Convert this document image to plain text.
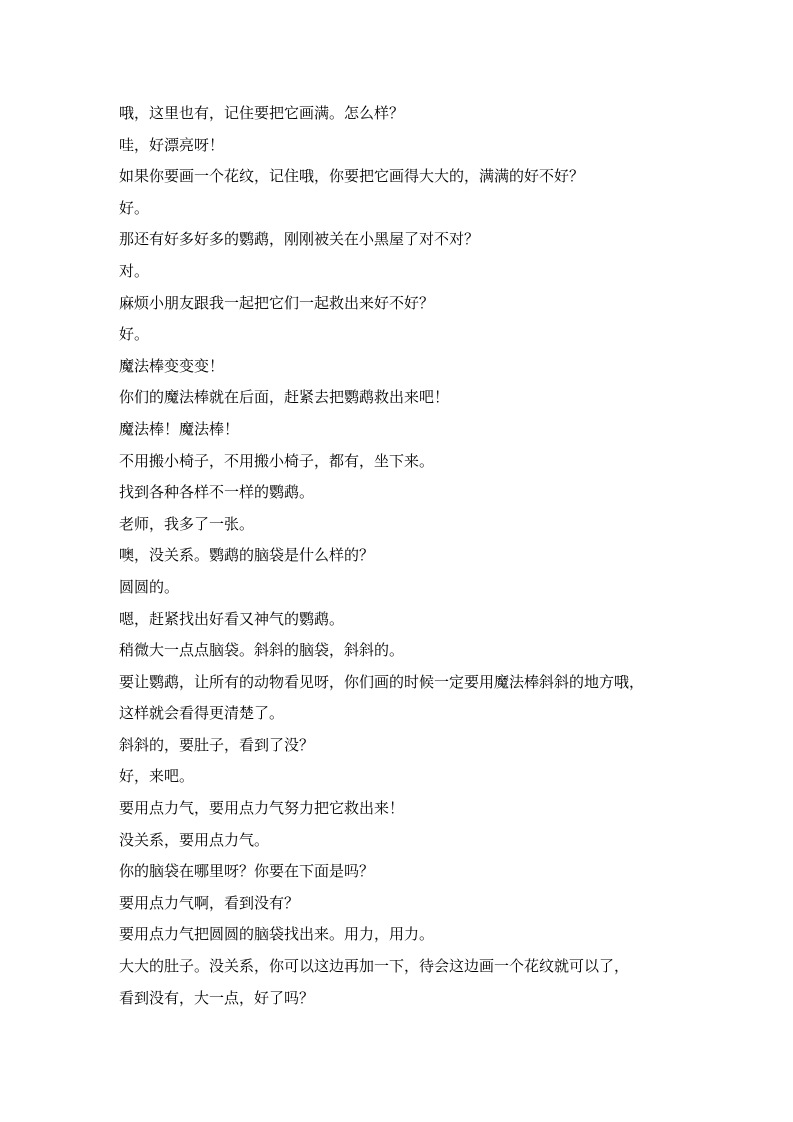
哦，这里也有，记住要把它画满。怎么样？
哇，好漂亮呀！
如果你要画一个花纹，记住哦，你要把它画得大大的，满满的好不好？
好。
那还有好多好多的鹦鹉，刚刚被关在小黑屋了对不对？
对。
麻烦小朋友跟我一起把它们一起救出来好不好？
好。
魔法棒变变变！
你们的魔法棒就在后面，赶紧去把鹦鹉救出来吧！
魔法棒！魔法棒！
不用搬小椅子，不用搬小椅子，都有，坐下来。
找到各种各样不一样的鹦鹉。
老师，我多了一张。
噢，没关系。鹦鹉的脑袋是什么样的？
圆圆的。
嗯，赶紧找出好看又神气的鹦鹉。
稍微大一点点脑袋。斜斜的脑袋，斜斜的。
要让鹦鹉，让所有的动物看见呀，你们画的时候一定要用魔法棒斜斜的地方哦，
这样就会看得更清楚了。
斜斜的，要肚子，看到了没？
好，来吧。
要用点力气，要用点力气努力把它救出来！
没关系，要用点力气。
你的脑袋在哪里呀？你要在下面是吗？
要用点力气啊，看到没有？
要用点力气把圆圆的脑袋找出来。用力，用力。
大大的肚子。没关系，你可以这边再加一下，待会这边画一个花纹就可以了，
看到没有，大一点，好了吗？
